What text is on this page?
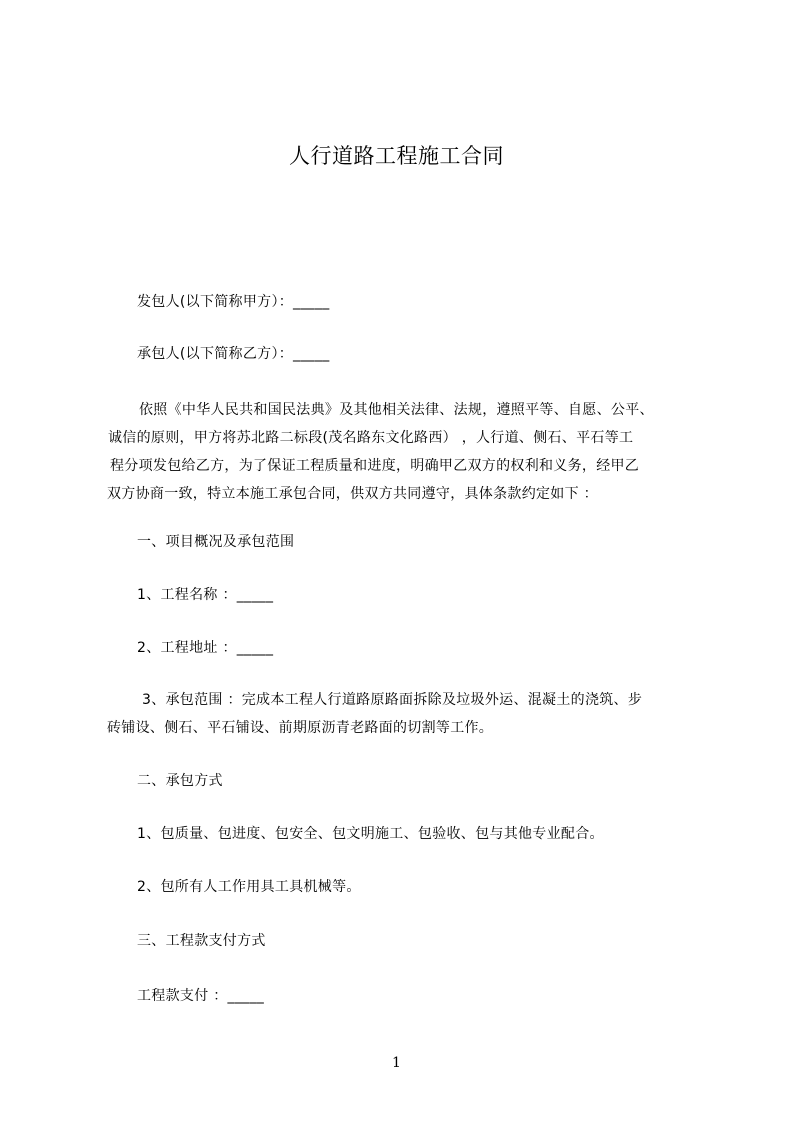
人行道路工程施工合同
发包人(以下简称甲方）：_____
承包人(以下简称乙方）：_____
依照《中华人民共和国民法典》及其他相关法律、法规，遵照平等、自愿、公平、
诚信的原则，甲方将苏北路二标段(茂名路东文化路西） ，人行道、侧石、平石等工
程分项发包给乙方，为了保证工程质量和进度，明确甲乙双方的权利和义务，经甲乙
双方协商一致，特立本施工承包合同，供双方共同遵守，具体条款约定如下 ：
一、项目概况及承包范围
1、工程名称 ：_____
2、工程地址 ：_____
3、承包范围 ：完成本工程人行道路原路面拆除及垃圾外运、混凝土的浇筑、步
砖铺设、侧石、平石铺设、前期原沥青老路面的切割等工作。
二、承包方式
1、包质量、包进度、包安全、包文明施工、包验收、包与其他专业配合。
2、包所有人工作用具工具机械等。
三、工程款支付方式
工程款支付 ：_____
1
